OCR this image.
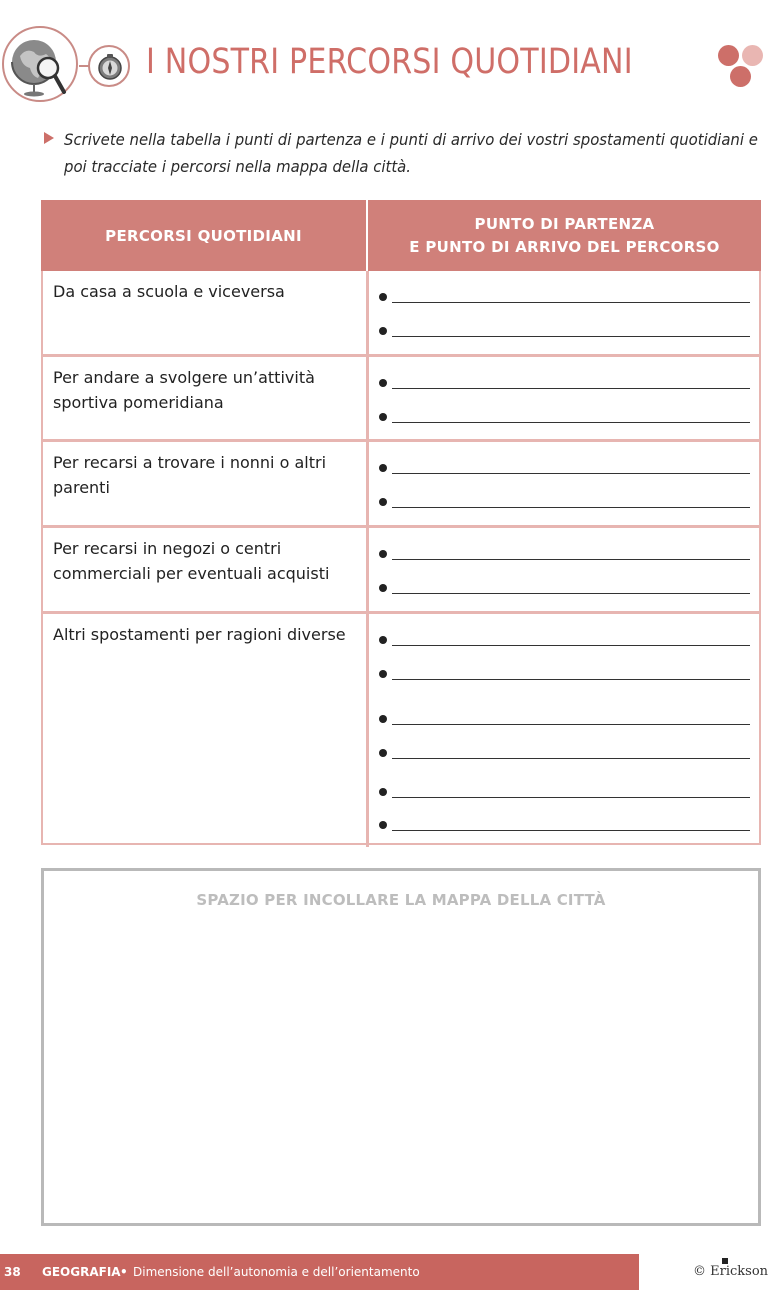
I NOSTRI PERCORSI QUOTIDIANI
Scrivete nella tabella i punti di partenza e i punti di arrivo dei vostri spostamenti quotidiani e poi tracciate i percorsi nella mappa della città.
PERCORSI QUOTIDIANI
PUNTO DI PARTENZA
E PUNTO DI ARRIVO DEL PERCORSO
Da casa a scuola e viceversa
Per andare a svolgere un’attività sportiva pomeridiana
Per recarsi a trovare i nonni o altri parenti
Per recarsi in negozi o centri commerciali per eventuali acquisti
Altri spostamenti per ragioni diverse
SPAZIO PER INCOLLARE LA MAPPA DELLA CITTÀ
38 GEOGRAFIA • Dimensione dell’autonomia e dell’orientamento	© Erickson
